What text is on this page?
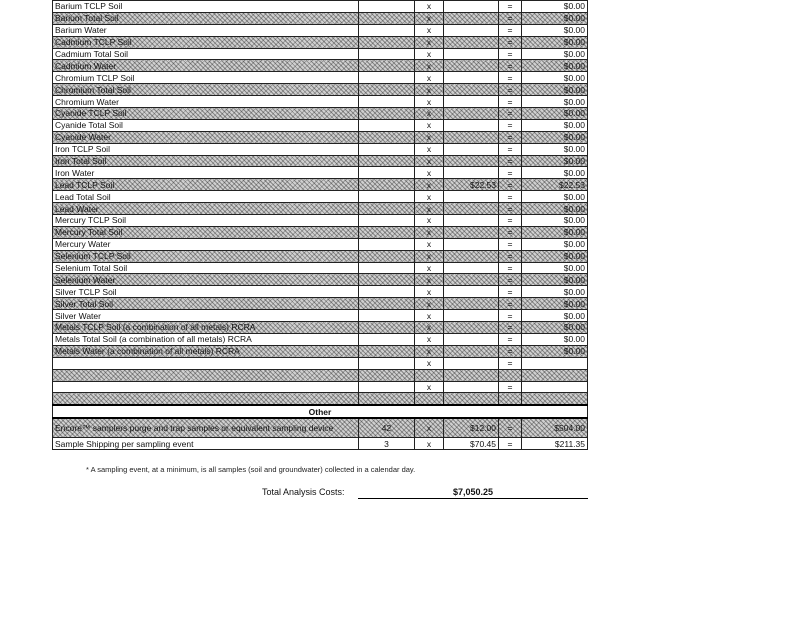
Barium TCLP Soil		x		=	$0.00
Barium Total Soil		x		=	$0.00
Barium Water		x		=	$0.00
Cadmium TCLP Soil		x		=	$0.00
Cadmium Total Soil		x		=	$0.00
Cadmium Water		x		=	$0.00
Chromium TCLP Soil		x		=	$0.00
Chromium Total Soil		x		=	$0.00
Chromium Water		x		=	$0.00
Cyanide TCLP Soil		x		=	$0.00
Cyanide Total Soil		x		=	$0.00
Cyanide Water		x		=	$0.00
Iron TCLP Soil		x		=	$0.00
Iron Total Soil		x		=	$0.00
Iron Water		x		=	$0.00
Lead TCLP Soil		x	$22.53	=	$22.53
Lead Total Soil		x		=	$0.00
Lead Water		x		=	$0.00
Mercury TCLP Soil		x		=	$0.00
Mercury Total Soil		x		=	$0.00
Mercury Water		x		=	$0.00
Selenium TCLP Soil		x		=	$0.00
Selenium Total Soil		x		=	$0.00
Selenium Water		x		=	$0.00
Silver TCLP Soil		x		=	$0.00
Silver Total Soil		x		=	$0.00
Silver Water		x		=	$0.00
Metals TCLP Soil (a combination of all metals) RCRA		x		=	$0.00
Metals Total Soil (a combination of all metals) RCRA		x		=	$0.00
Metals Water (a combination of all metals) RCRA		x		=	$0.00
		x		=	

		x		=	

Other					
Encore™ samplers purge and trap samples or equivalent sampling device	42	x	$12.00	=	$504.00
Sample Shipping per sampling event	3	x	$70.45	=	$211.35
* A sampling event, at a minimum, is all samples (soil and groundwater) collected in a calendar day.
Total Analysis Costs:	$7,050.25
